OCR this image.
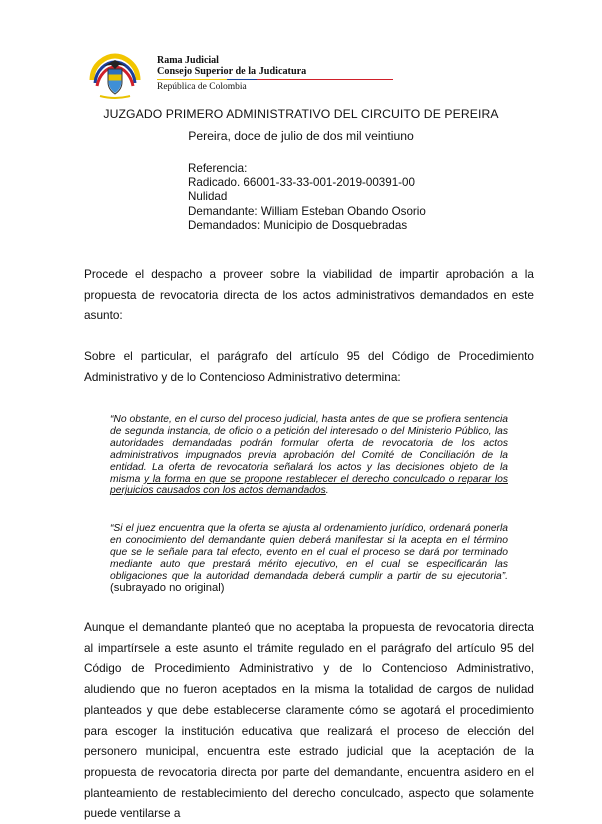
Rama Judicial
Consejo Superior de la Judicatura
República de Colombia
JUZGADO PRIMERO ADMINISTRATIVO DEL CIRCUITO DE PEREIRA
Pereira, doce de julio de dos mil veintiuno
Referencia:
Radicado. 66001-33-33-001-2019-00391-00
Nulidad
Demandante: William Esteban Obando Osorio
Demandados: Municipio de Dosquebradas
Procede el despacho a proveer sobre la viabilidad de impartir aprobación a la propuesta de revocatoria directa de los actos administrativos demandados en este asunto:
Sobre el particular, el parágrafo del artículo 95 del Código de Procedimiento Administrativo y de lo Contencioso Administrativo determina:
“No obstante, en el curso del proceso judicial, hasta antes de que se profiera sentencia de segunda instancia, de oficio o a petición del interesado o del Ministerio Público, las autoridades demandadas podrán formular oferta de revocatoria de los actos administrativos impugnados previa aprobación del Comité de Conciliación de la entidad. La oferta de revocatoria señalará los actos y las decisiones objeto de la misma y la forma en que se propone restablecer el derecho conculcado o reparar los perjuicios causados con los actos demandados.
“Si el juez encuentra que la oferta se ajusta al ordenamiento jurídico, ordenará ponerla en conocimiento del demandante quien deberá manifestar si la acepta en el término que se le señale para tal efecto, evento en el cual el proceso se dará por terminado mediante auto que prestará mérito ejecutivo, en el cual se especificarán las obligaciones que la autoridad demandada deberá cumplir a partir de su ejecutoria”. (subrayado no original)
Aunque el demandante planteó que no aceptaba la propuesta de revocatoria directa al impartírsele a este asunto el trámite regulado en el parágrafo del artículo 95 del Código de Procedimiento Administrativo y de lo Contencioso Administrativo, aludiendo que no fueron aceptados en la misma la totalidad de cargos de nulidad planteados y que debe establecerse claramente cómo se agotará el procedimiento para escoger la institución educativa que realizará el proceso de elección del personero municipal, encuentra este estrado judicial que la aceptación de la propuesta de revocatoria directa por parte del demandante, encuentra asidero en el planteamiento de restablecimiento del derecho conculcado, aspecto que solamente puede ventilarse a
